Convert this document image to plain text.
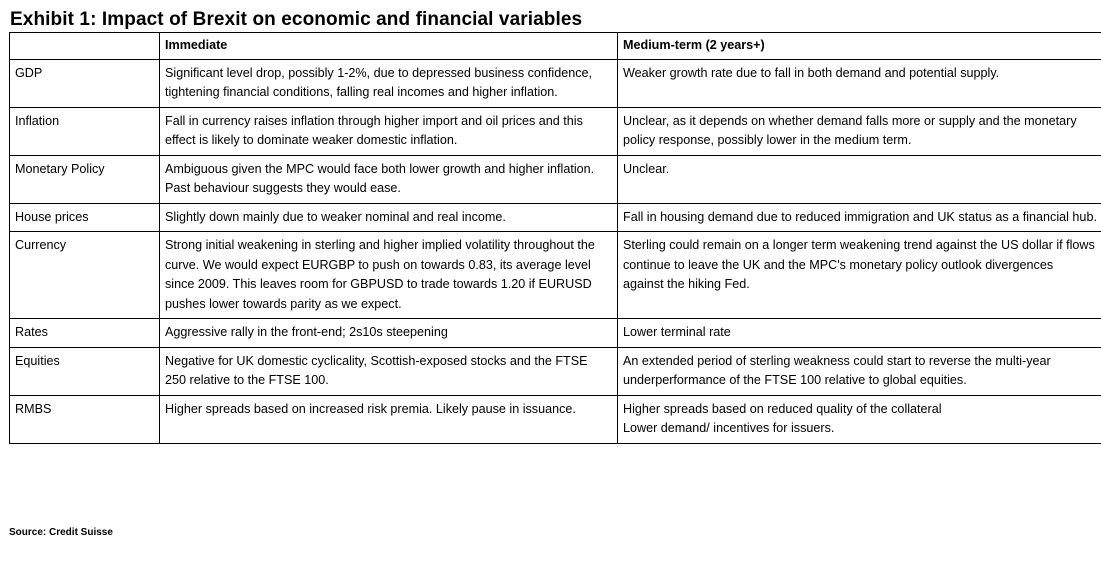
Exhibit 1: Impact of Brexit on economic and financial variables
	Immediate	Medium-term (2 years+)
GDP	Significant level drop, possibly 1-2%, due to depressed business confidence, tightening financial conditions, falling real incomes and higher inflation.	Weaker growth rate due to fall in both demand and potential supply.
Inflation	Fall in currency raises inflation through higher import and oil prices and this effect is likely to dominate weaker domestic inflation.	Unclear, as it depends on whether demand falls more or supply and the monetary policy response, possibly lower in the medium term.
Monetary Policy	Ambiguous given the MPC would face both lower growth and higher inflation. Past behaviour suggests they would ease.	Unclear.
House prices	Slightly down mainly due to weaker nominal and real income.	Fall in housing demand due to reduced immigration and UK status as a financial hub.
Currency	Strong initial weakening in sterling and higher implied volatility throughout the curve. We would expect EURGBP to push on towards 0.83, its average level since 2009. This leaves room for GBPUSD to trade towards 1.20 if EURUSD pushes lower towards parity as we expect.	Sterling could remain on a longer term weakening trend against the US dollar if flows continue to leave the UK and the MPC's monetary policy outlook divergences against the hiking Fed.
Rates	Aggressive rally in the front-end; 2s10s steepening	Lower terminal rate
Equities	Negative for UK domestic cyclicality, Scottish-exposed stocks and the FTSE 250 relative to the FTSE 100.	An extended period of sterling weakness could start to reverse the multi-year underperformance of the FTSE 100 relative to global equities.
RMBS	Higher spreads based on increased risk premia. Likely pause in issuance.	Higher spreads based on reduced quality of the collateral
Lower demand/ incentives for issuers.
Source: Credit Suisse
